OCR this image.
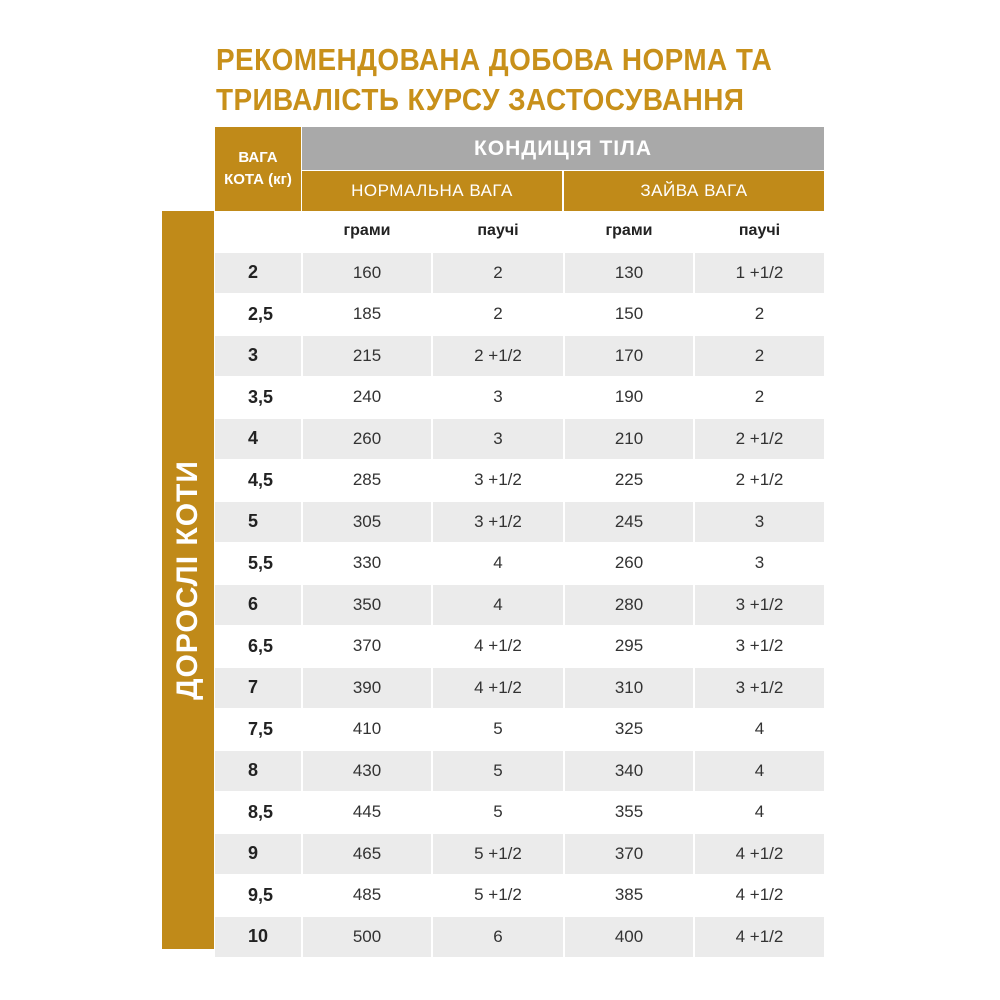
РЕКОМЕНДОВАНА ДОБОВА НОРМА ТА
ТРИВАЛІСТЬ КУРСУ ЗАСТОСУВАННЯ
ДОРОСЛІ КОТИ
ВАГА
КОТА (кг)
КОНДИЦІЯ ТІЛА
НОРМАЛЬНА ВАГА	ЗАЙВА ВАГА
	грами	паучі	грами	паучі
2	160	2	130	1 +1/2
2,5	185	2	150	2
3	215	2 +1/2	170	2
3,5	240	3	190	2
4	260	3	210	2 +1/2
4,5	285	3 +1/2	225	2 +1/2
5	305	3 +1/2	245	3
5,5	330	4	260	3
6	350	4	280	3 +1/2
6,5	370	4 +1/2	295	3 +1/2
7	390	4 +1/2	310	3 +1/2
7,5	410	5	325	4
8	430	5	340	4
8,5	445	5	355	4
9	465	5 +1/2	370	4 +1/2
9,5	485	5 +1/2	385	4 +1/2
10	500	6	400	4 +1/2
